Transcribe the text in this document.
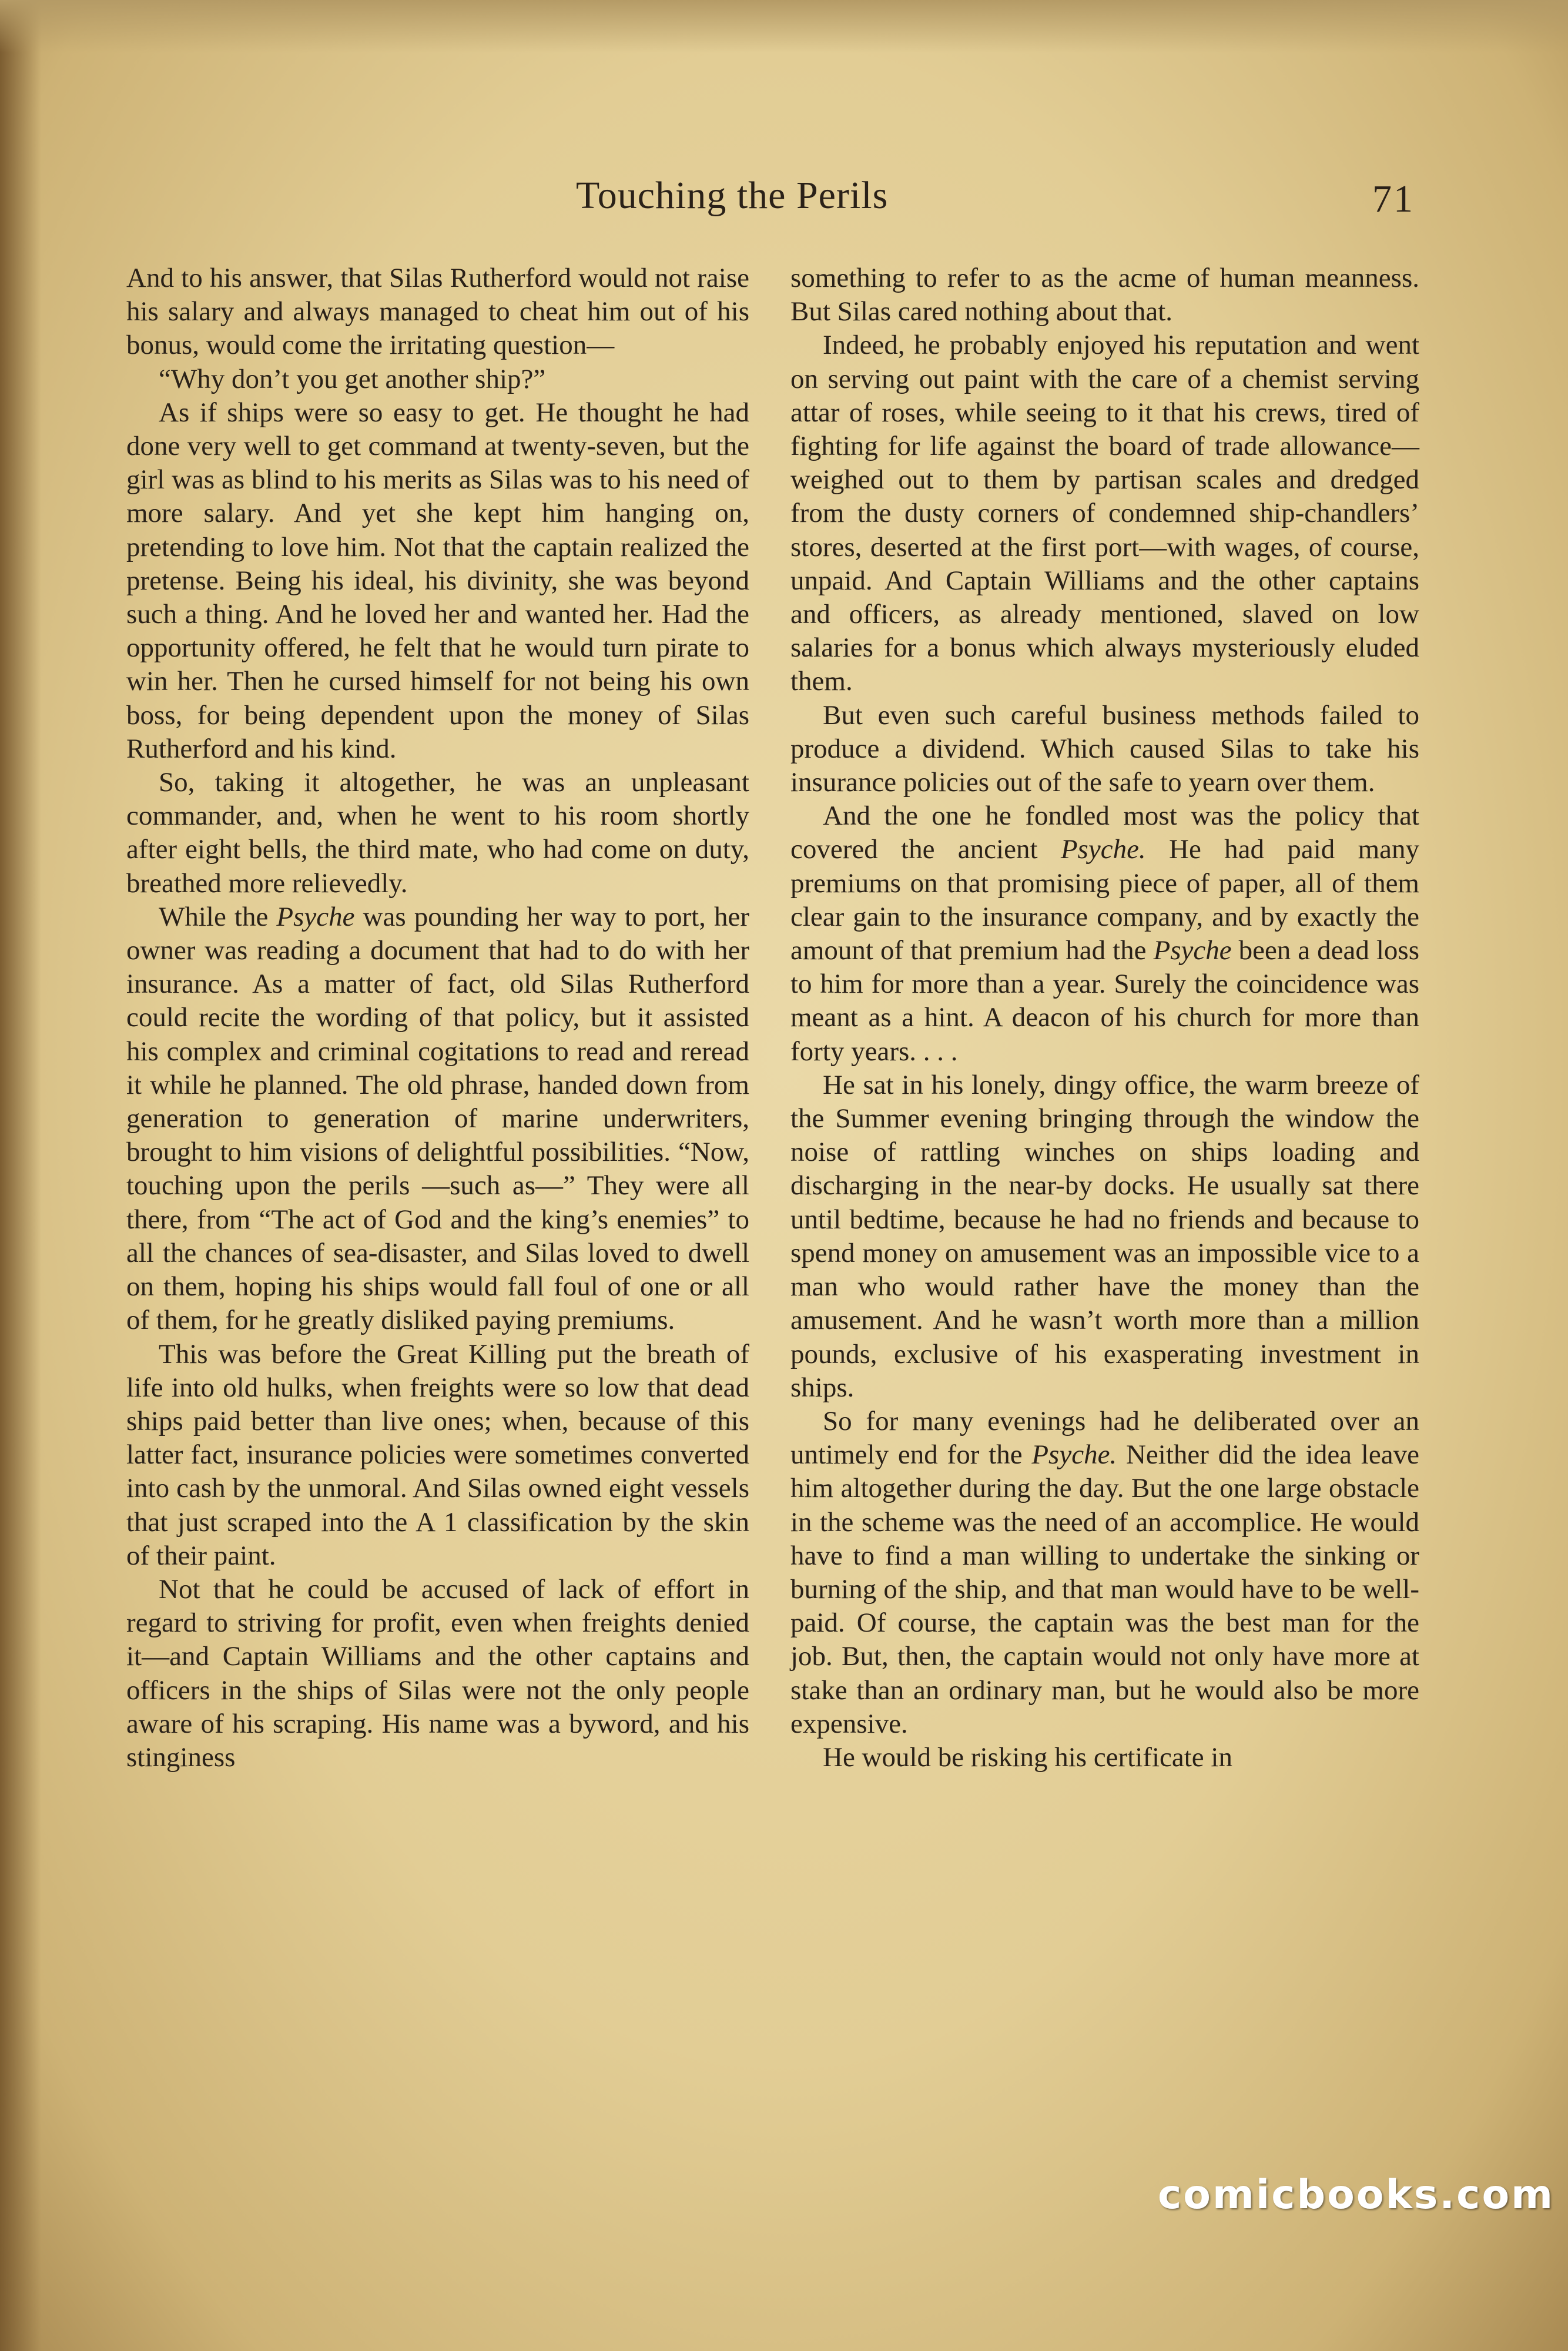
Touching the Perils	71

And to his answer, that Silas Rutherford would not raise his salary and always managed to cheat him out of his bonus, would come the irritating question—

“Why don’t you get another ship?”

As if ships were so easy to get. He thought he had done very well to get command at twenty-seven, but the girl was as blind to his merits as Silas was to his need of more salary. And yet she kept him hanging on, pretending to love him. Not that the captain realized the pretense. Being his ideal, his divinity, she was beyond such a thing. And he loved her and wanted her. Had the opportunity offered, he felt that he would turn pirate to win her. Then he cursed himself for not being his own boss, for being dependent upon the money of Silas Rutherford and his kind.

So, taking it altogether, he was an unpleasant commander, and, when he went to his room shortly after eight bells, the third mate, who had come on duty, breathed more relievedly.

While the Psyche was pounding her way to port, her owner was reading a document that had to do with her insurance. As a matter of fact, old Silas Rutherford could recite the wording of that policy, but it assisted his complex and criminal cogitations to read and reread it while he planned. The old phrase, handed down from generation to generation of marine underwriters, brought to him visions of delightful possibilities. “Now, touching upon the perils —such as—” They were all there, from “The act of God and the king’s enemies” to all the chances of sea-disaster, and Silas loved to dwell on them, hoping his ships would fall foul of one or all of them, for he greatly disliked paying premiums.

This was before the Great Killing put the breath of life into old hulks, when freights were so low that dead ships paid better than live ones; when, because of this latter fact, insurance policies were sometimes converted into cash by the unmoral. And Silas owned eight vessels that just scraped into the A 1 classification by the skin of their paint.

Not that he could be accused of lack of effort in regard to striving for profit, even when freights denied it—and Captain Williams and the other captains and officers in the ships of Silas were not the only people aware of his scraping. His name was a byword, and his stinginess

something to refer to as the acme of human meanness. But Silas cared nothing about that.

Indeed, he probably enjoyed his reputation and went on serving out paint with the care of a chemist serving attar of roses, while seeing to it that his crews, tired of fighting for life against the board of trade allowance—weighed out to them by partisan scales and dredged from the dusty corners of condemned ship-chandlers’ stores, deserted at the first port—with wages, of course, unpaid. And Captain Williams and the other captains and officers, as already mentioned, slaved on low salaries for a bonus which always mysteriously eluded them.

But even such careful business methods failed to produce a dividend. Which caused Silas to take his insurance policies out of the safe to yearn over them.

And the one he fondled most was the policy that covered the ancient Psyche. He had paid many premiums on that promising piece of paper, all of them clear gain to the insurance company, and by exactly the amount of that premium had the Psyche been a dead loss to him for more than a year. Surely the coincidence was meant as a hint. A deacon of his church for more than forty years. . . .

He sat in his lonely, dingy office, the warm breeze of the Summer evening bringing through the window the noise of rattling winches on ships loading and discharging in the near-by docks. He usually sat there until bedtime, because he had no friends and because to spend money on amusement was an impossible vice to a man who would rather have the money than the amusement. And he wasn’t worth more than a million pounds, exclusive of his exasperating investment in ships.

So for many evenings had he deliberated over an untimely end for the Psyche. Neither did the idea leave him altogether during the day. But the one large obstacle in the scheme was the need of an accomplice. He would have to find a man willing to undertake the sinking or burning of the ship, and that man would have to be well-paid. Of course, the captain was the best man for the job. But, then, the captain would not only have more at stake than an ordinary man, but he would also be more expensive.

He would be risking his certificate in

comicbooks.com
